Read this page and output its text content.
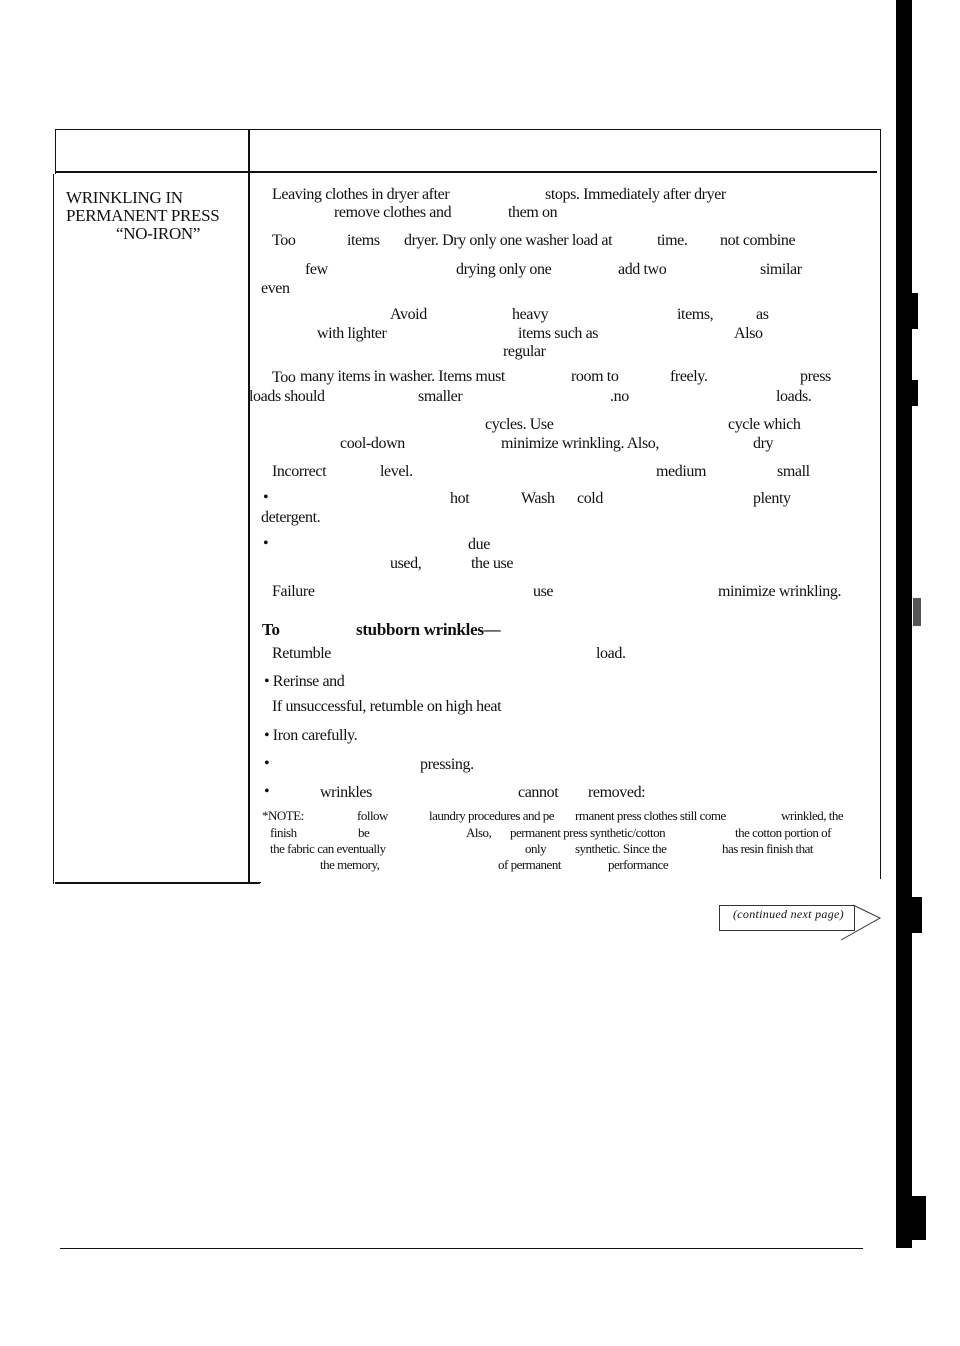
WRINKLING IN
PERMANENT PRESS
“NO-IRON”
Leaving clothes in dryer after	stops. Immediately after dryer
remove clothes and	them on
Too	items dryer. Dry only one washer load at	time. not combine
few	drying only one	add two	similar
even
Avoid	heavy	items,	as
with lighter	items such as	Also
regular
Too many items in washer. Items must	room to	freely.	press
loads should	smaller	.no	loads.
cycles. Use	cycle which
cool-down	minimize wrinkling. Also,	dry
Incorrect	level.	medium	small
•	hot	Wash cold	plenty
detergent.
•	due
used,	the use
Failure	use	minimize wrinkling.
To	stubborn wrinkles—
Retumble	load.
• Rerinse and
If unsuccessful, retumble on high heat
• Iron carefully.
•	pressing.
•	wrinkles	cannot removed:
*NOTE:	follow	laundry procedures and pe rmanent press clothes still come	wrinkled, the
finish	be	Also, permanent press synthetic/cotton	the cotton portion of
the fabric can eventually	only synthetic. Since the	has resin finish that
the memory,	of permanent	performance
(continued next page)
